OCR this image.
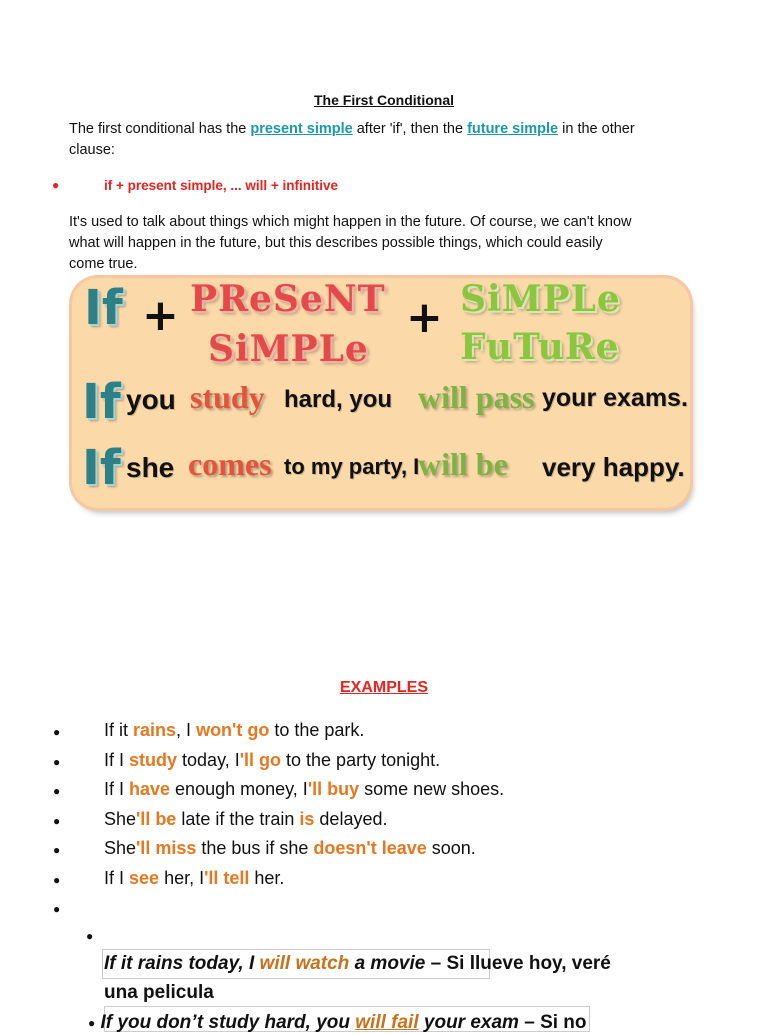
The First Conditional
The first conditional has the present simple after 'if', then the future simple in the other
clause:
●	if + present simple, ... will + infinitive
It's used to talk about things which might happen in the future. Of course, we can't know
what will happen in the future, but this describes possible things, which could easily
come true.
If + PReSeNT
SiMPLe
+ SiMPLe
FuTuRe
If you study hard, you will pass your exams.
If she comes to my party, I
will be very happy.
EXAMPLES
● If it rains, I won't go to the park.
● If I study today, I'll go to the party tonight.
● If I have enough money, I'll buy some new shoes.
● She'll be late if the train is delayed.
● She'll miss the bus if she doesn't leave soon.
● If I see her, I'll tell her.
●
●
If it rains today, I will watch a movie – Si llueve hoy, veré
una pelicula
● If you don’t study hard, you will fail your exam – Si no
